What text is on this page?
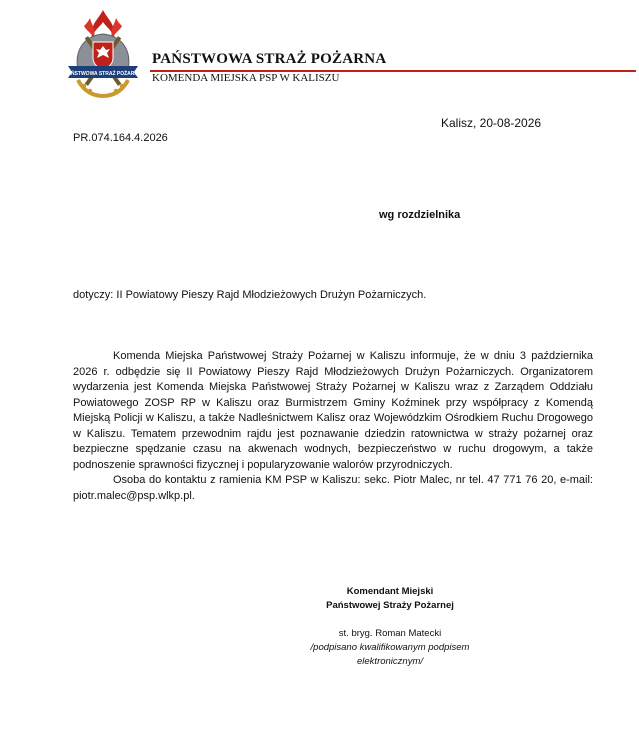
PAŃSTWOWA STRAŻ POŻARNA
PAŃSTWOWA STRAŻ POŻARNA
KOMENDA MIEJSKA PSP W KALISZU
Kalisz, 20-08-2026
PR.074.164.4.2026
wg rozdzielnika
dotyczy: II Powiatowy Pieszy Rajd Młodzieżowych Drużyn Pożarniczych.

Komenda Miejska Państwowej Straży Pożarnej w Kaliszu informuje, że w dniu 3 października 2026 r. odbędzie się II Powiatowy Pieszy Rajd Młodzieżowych Drużyn Pożarniczych. Organizatorem wydarzenia jest Komenda Miejska Państwowej Straży Pożarnej w Kaliszu wraz z Zarządem Oddziału Powiatowego ZOSP RP w Kaliszu oraz Burmistrzem Gminy Koźminek przy współpracy z Komendą Miejską Policji w Kaliszu, a także Nadleśnictwem Kalisz oraz Wojewódzkim Ośrodkiem Ruchu Drogowego w Kaliszu. Tematem przewodnim rajdu jest poznawanie dziedzin ratownictwa w straży pożarnej oraz bezpieczne spędzanie czasu na akwenach wodnych, bezpieczeństwo w ruchu drogowym, a także podnoszenie sprawności fizycznej i popularyzowanie walorów przyrodniczych.

Osoba do kontaktu z ramienia KM PSP w Kaliszu: sekc. Piotr Malec, nr tel. 47 771 76 20, e-mail: piotr.malec@psp.wlkp.pl.

Komendant Miejski
Państwowej Straży Pożarnej
st. bryg. Roman Matecki
/podpisano kwalifikowanym podpisem elektronicznym/
